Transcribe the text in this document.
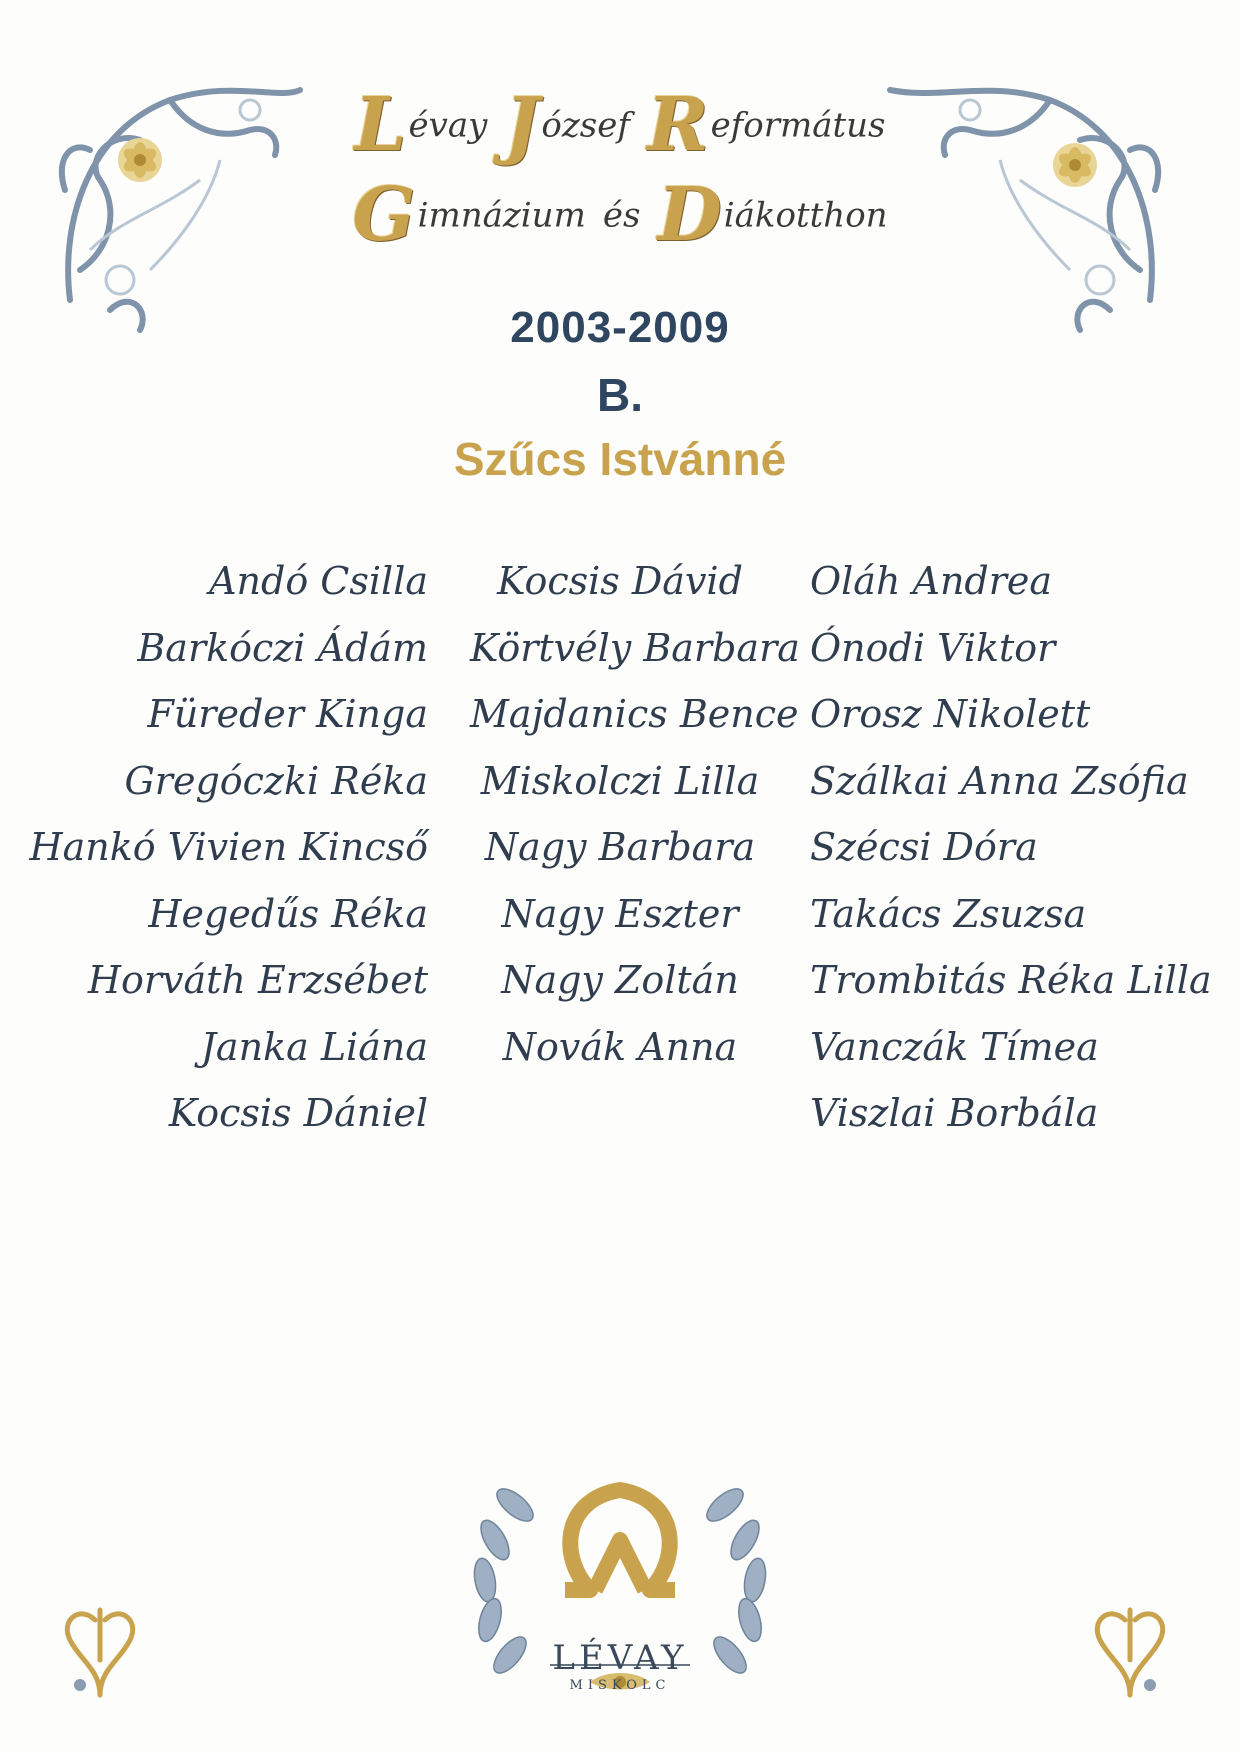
Lévay József Református
Gimnázium és Diákotthon
2003-2009
B.
Szűcs Istvánné
Andó Csilla
Barkóczi Ádám
Füreder Kinga
Gregóczki Réka
Hankó Vivien Kincső
Hegedűs Réka
Horváth Erzsébet
Janka Liána
Kocsis Dániel
Kocsis Dávid
Körtvély Barbara
Majdanics Bence
Miskolczi Lilla
Nagy Barbara
Nagy Eszter
Nagy Zoltán
Novák Anna
Oláh Andrea
Ónodi Viktor
Orosz Nikolett
Szálkai Anna Zsófia
Szécsi Dóra
Takács Zsuzsa
Trombitás Réka Lilla
Vanczák Tímea
Viszlai Borbála
LÉVAY
MISKOLC
